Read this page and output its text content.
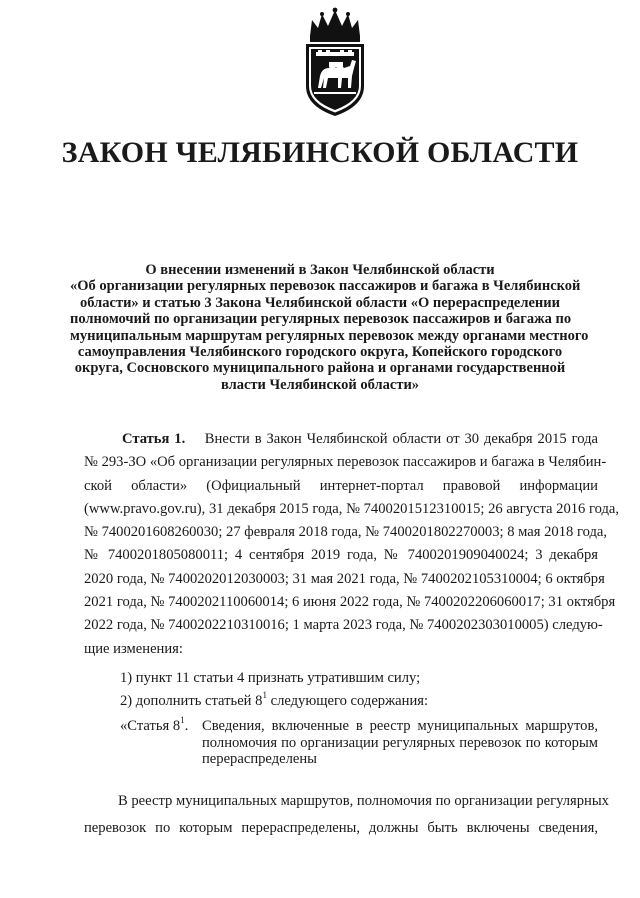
ЗАКОН ЧЕЛЯБИНСКОЙ ОБЛАСТИ
О внесении изменений в Закон Челябинской области
«Об организации регулярных перевозок пассажиров и багажа в Челябинской
области» и статью 3 Закона Челябинской области «О перераспределении
полномочий по организации регулярных перевозок пассажиров и багажа по
муниципальным маршрутам регулярных перевозок между органами местного
самоуправления Челябинского городского округа, Копейского городского
округа, Сосновского муниципального района и органами государственной
власти Челябинской области»
Статья 1. Внести в Закон Челябинской области от 30 декабря 2015 года
№ 293-ЗО «Об организации регулярных перевозок пассажиров и багажа в Челябин-
ской области» (Официальный интернет-портал правовой информации
(www.pravo.gov.ru), 31 декабря 2015 года, № 7400201512310015; 26 августа 2016 года,
№ 7400201608260030; 27 февраля 2018 года, № 7400201802270003; 8 мая 2018 года,
№ 7400201805080011; 4 сентября 2019 года, № 7400201909040024; 3 декабря
2020 года, № 7400202012030003; 31 мая 2021 года, № 7400202105310004; 6 октября
2021 года, № 7400202110060014; 6 июня 2022 года, № 7400202206060017; 31 октября
2022 года, № 7400202210310016; 1 марта 2023 года, № 7400202303010005) следую-
щие изменения:
1) пункт 11 статьи 4 признать утратившим силу;
2) дополнить статьей $8^1$ следующего содержания:
«Статья $8^1$. Сведения, включенные в реестр муниципальных маршрутов,
полномочия по организации регулярных перевозок по которым
перераспределены
В реестр муниципальных маршрутов, полномочия по организации регулярных
перевозок по которым перераспределены, должны быть включены сведения,
